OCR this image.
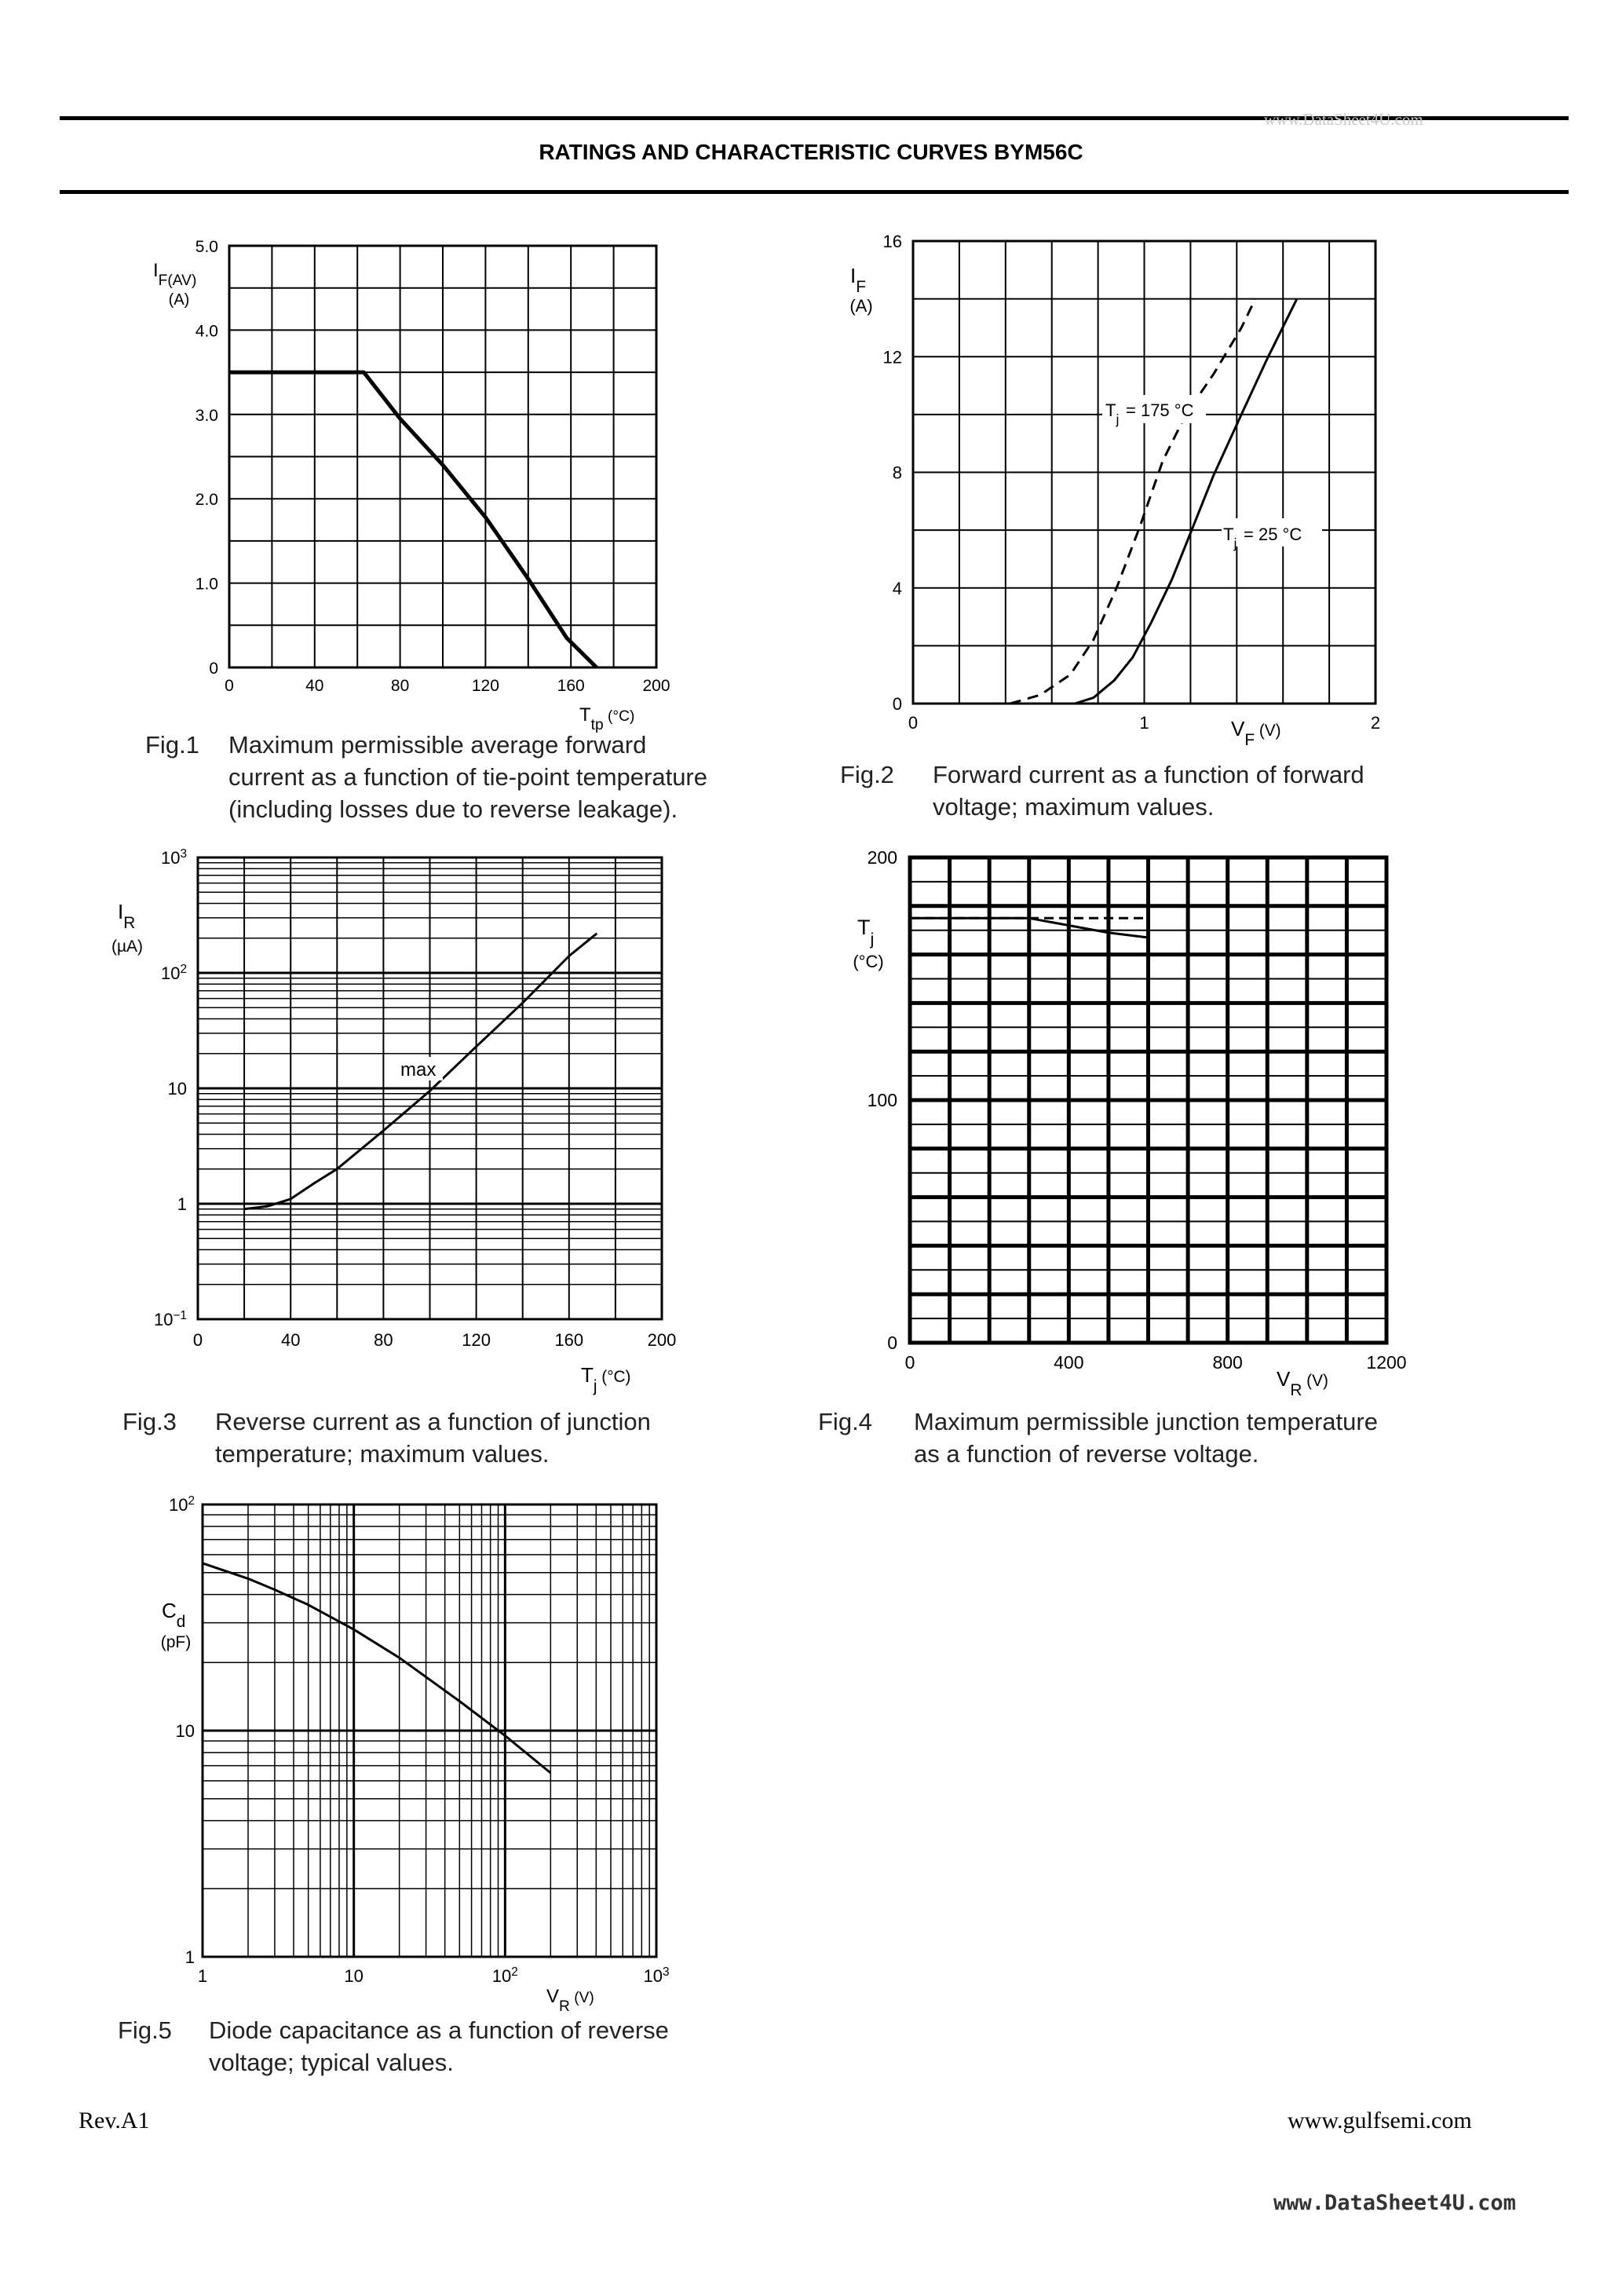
www.DataSheet4U.com
RATINGS AND CHARACTERISTIC CURVES BYM56C
0	40	80	120	160	200
0
1.0
2.0
3.0
4.0
5.0
$I_{F(AV)}$
(A)
$T_{tp}$ (°C)	0	1	2
0
4
8
12
16
$I_F$
(A)
$V_F$ (V)
$T_j = 175$ °C
$T_j = 25$ °C
0	40	80	120	160	200
$10^{-1}$
1
10
$10^2$
$10^3$
$I_R$
(µA)
$T_j$ (°C)
max
0	400	800	1200
0
100
200
$T_j$
(°C)
$V_R$ (V)
1	10	$10^2$	$10^3$
1
10
$10^2$
$C_d$
(pF)
$V_R$ (V)
Fig.1 Maximum permissible average forward
current as a function of tie-point temperature
(including losses due to reverse leakage).
Fig.2 Forward current as a function of forward
voltage; maximum values.
Fig.3 Reverse current as a function of junction
temperature; maximum values.
Fig.4 Maximum permissible junction temperature
as a function of reverse voltage.
Fig.5 Diode capacitance as a function of reverse
voltage; typical values.
Rev.A1	www.gulfsemi.com
www.DataSheet4U.com
